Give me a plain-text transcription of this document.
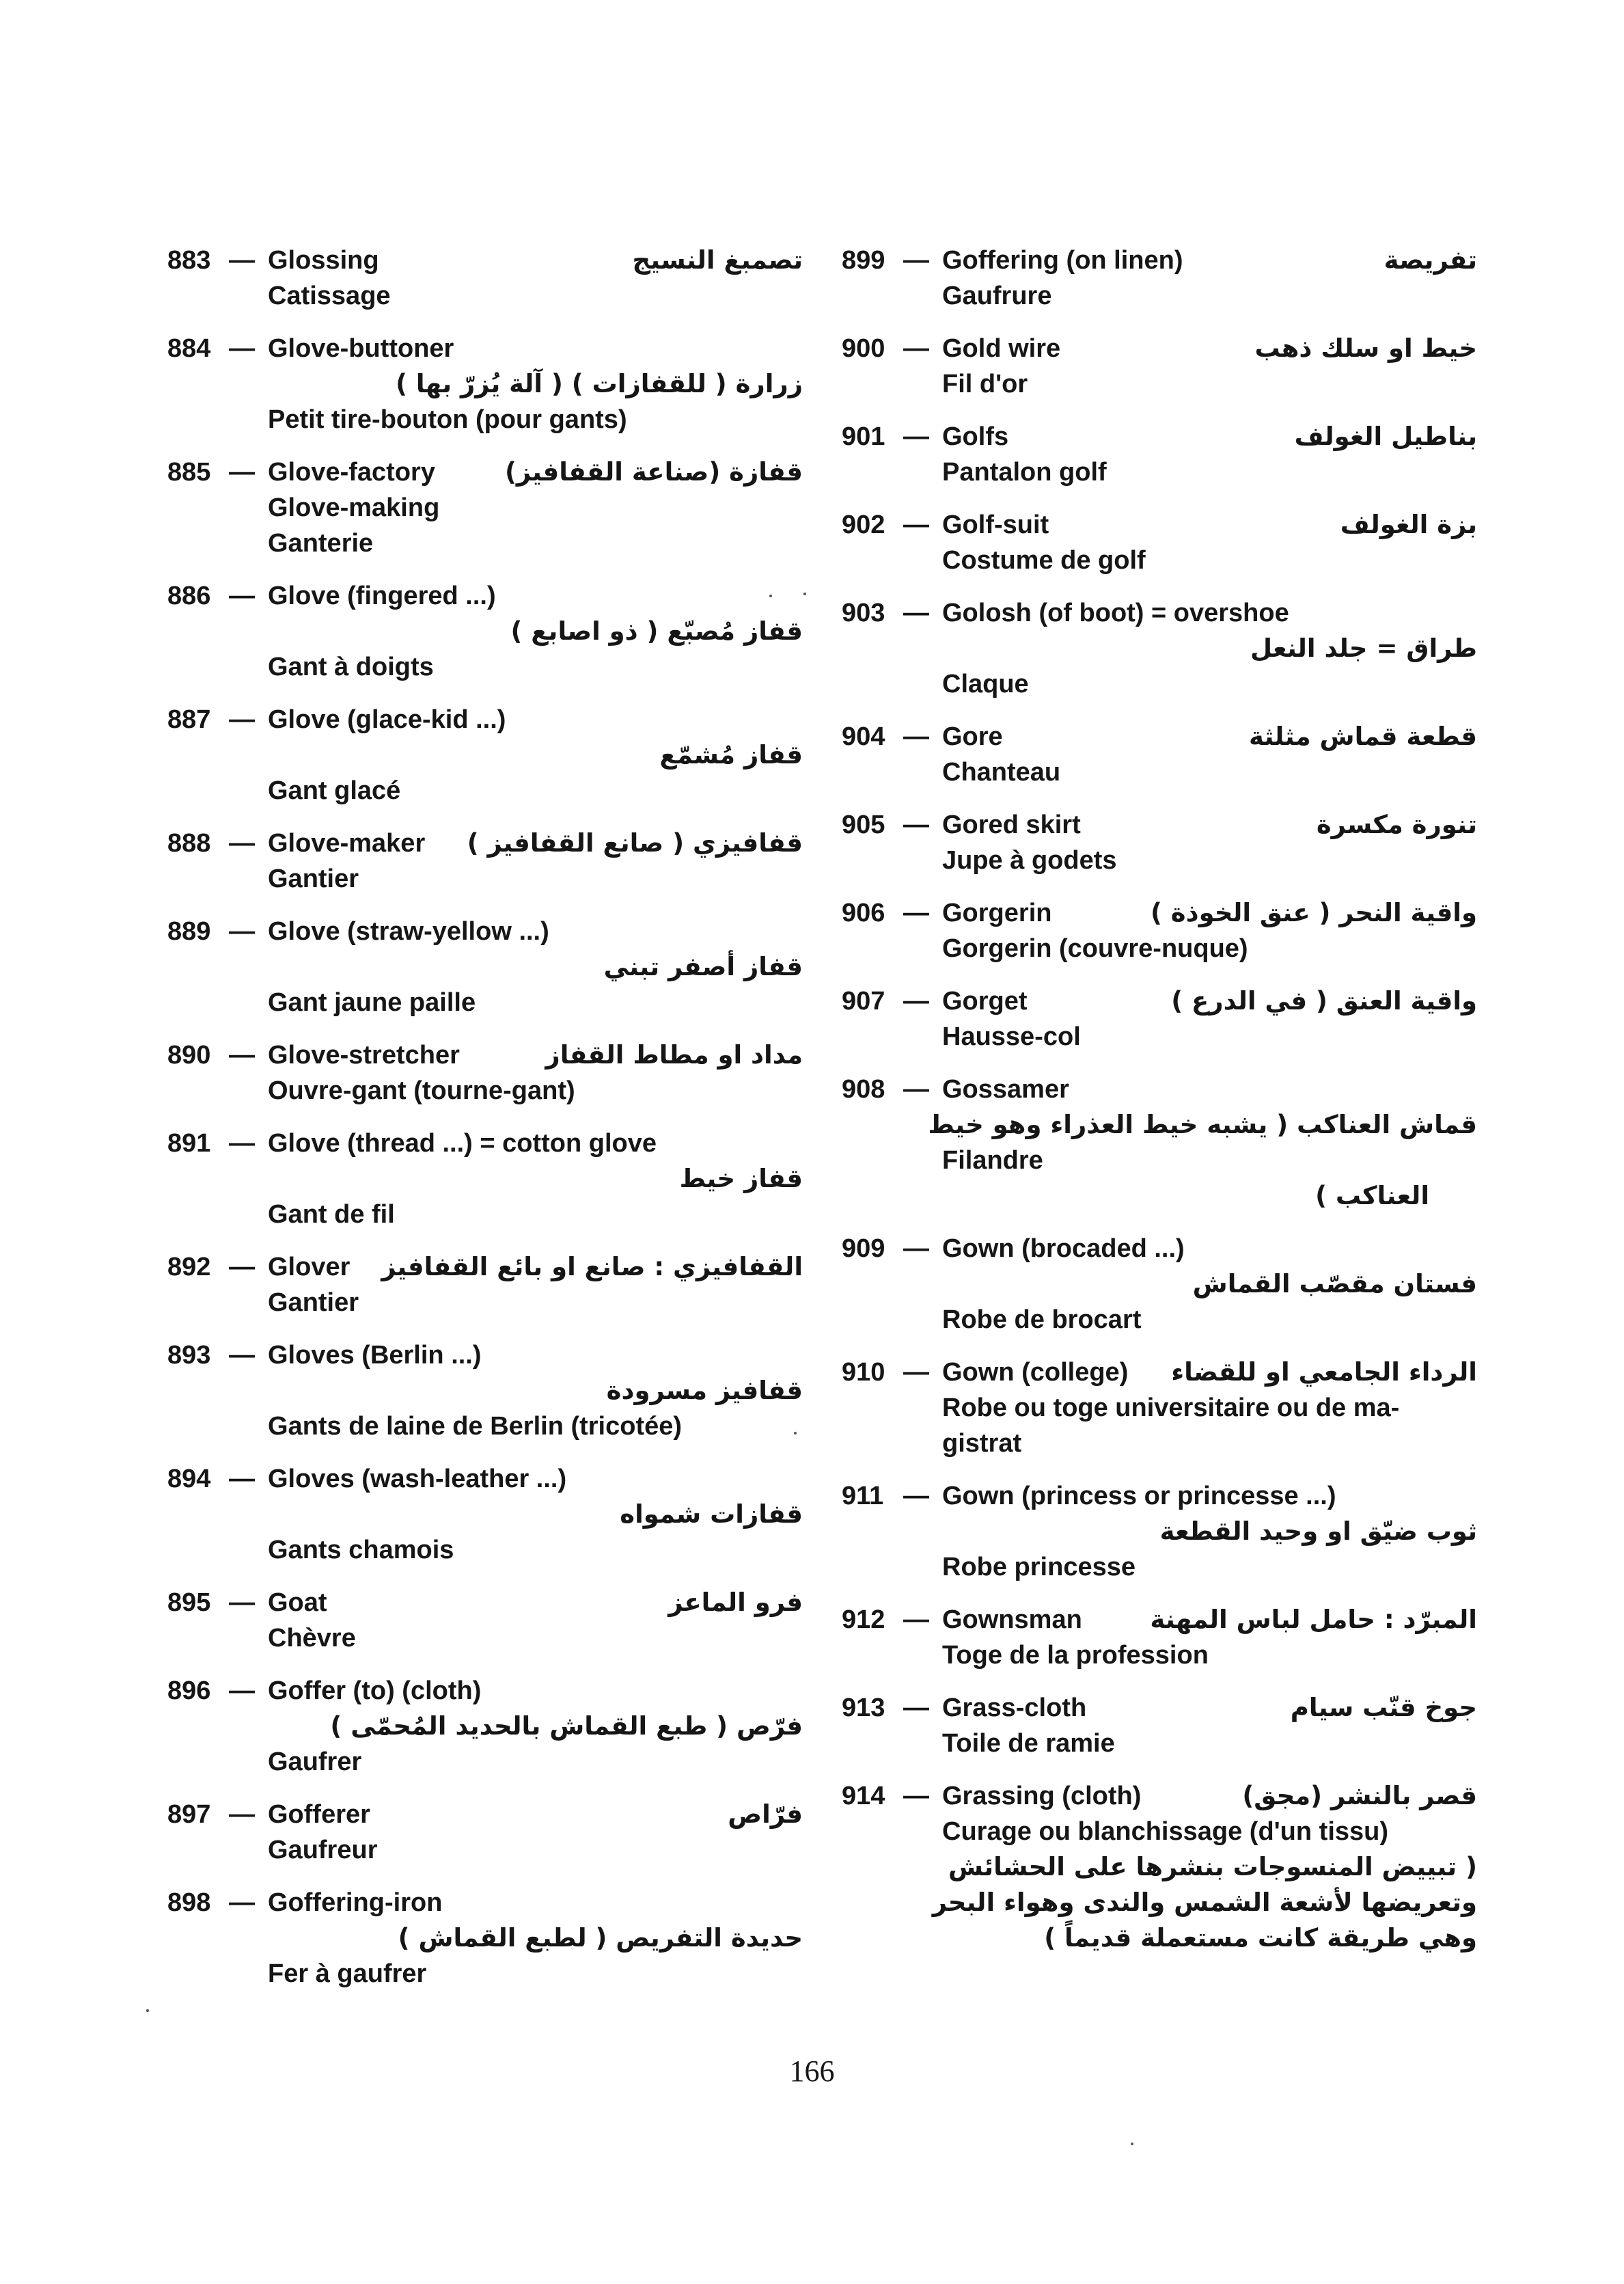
883 — Glossing	تصمبغ النسيج
Catissage
884 — Glove-buttoner
زرارة ( للقفازات ) ( آلة يُزرّ بها )
Petit tire-bouton (pour gants)
885 — Glove-factory	قفازة (صناعة القفافيز)
Glove-making
Ganterie
886 — Glove (fingered ...)
قفاز مُصبّع ( ذو اصابع )
Gant à doigts
887 — Glove (glace-kid ...)
قفاز مُشمّع
Gant glacé
888 — Glove-maker قفافيزي ( صانع القفافيز )
Gantier
889 — Glove (straw-yellow ...)
قفاز أصفر تبني
Gant jaune paille
890 — Glove-stretcher	مداد او مطاط القفاز
Ouvre-gant (tourne-gant)
891 — Glove (thread ...) = cotton glove
قفاز خيط
Gant de fil
892 — Glover القفافيزي : صانع او بائع القفافيز
Gantier
893 — Gloves (Berlin ...)
قفافيز مسرودة
Gants de laine de Berlin (tricotée)
894 — Gloves (wash-leather ...)
قفازات شمواه
Gants chamois
895 — Goat	فرو الماعز
Chèvre
896 — Goffer (to) (cloth)
فرّص ( طبع القماش بالحديد المُحمّى )
Gaufrer
897 — Gofferer	فرّاص
Gaufreur
898 — Goffering-iron
حديدة التفريص ( لطبع القماش )
Fer à gaufrer
899 — Goffering (on linen)	تفريصة
Gaufrure
900 — Gold wire	خيط او سلك ذهب
Fil d'or
901 — Golfs	بناطيل الغولف
Pantalon golf
902 — Golf-suit	بزة الغولف
Costume de golf
903 — Golosh (of boot) = overshoe
طراق = جلد النعل
Claque
904 — Gore	قطعة قماش مثلثة
Chanteau
905 — Gored skirt	تنورة مكسرة
Jupe à godets
906 — Gorgerin	واقية النحر ( عنق الخوذة )
Gorgerin (couvre-nuque)
907 — Gorget	واقية العنق ( في الدرع )
Hausse-col
908 — Gossamer
قماش العناكب ( يشبه خيط العذراء وهو خيط
Filandre
العناكب )
909 — Gown (brocaded ...)
فستان مقصّب القماش
Robe de brocart
910 — Gown (college) الرداء الجامعي او للقضاء
Robe ou toge universitaire ou de ma-
gistrat
911 — Gown (princess or princesse ...)
ثوب ضيّق او وحيد القطعة
Robe princesse
912 — Gownsman	المبرّد : حامل لباس المهنة
Toge de la profession
913 — Grass-cloth	جوخ قنّب سيام
Toile de ramie
914 — Grassing (cloth)	قصر بالنشر (مجق)
Curage ou blanchissage (d'un tissu)
( تبييض المنسوجات بنشرها على الحشائش
وتعريضها لأشعة الشمس والندى وهواء البحر
وهي طريقة كانت مستعملة قديماً )
166
